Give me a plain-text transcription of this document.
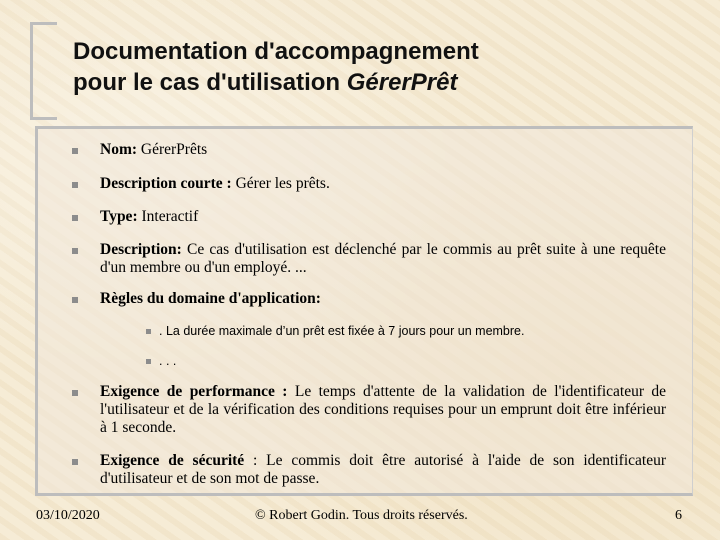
Documentation d'accompagnement
pour le cas d'utilisation GérerPrêt
Nom: GérerPrêts
Description courte : Gérer les prêts.
Type: Interactif
Description: Ce cas d'utilisation est déclenché par le commis au prêt suite à une requête d'un membre ou d'un employé. ...
Règles du domaine d'application:
. La durée maximale d’un prêt est fixée à 7 jours pour un membre.
. . .
Exigence de performance : Le temps d'attente de la validation de l'identificateur de l'utilisateur et de la vérification des conditions requises pour un emprunt doit être inférieur à 1 seconde.
Exigence de sécurité : Le commis doit être autorisé à l'aide de son identificateur d'utilisateur et de son mot de passe.
03/10/2020	© Robert Godin. Tous droits réservés.	6
